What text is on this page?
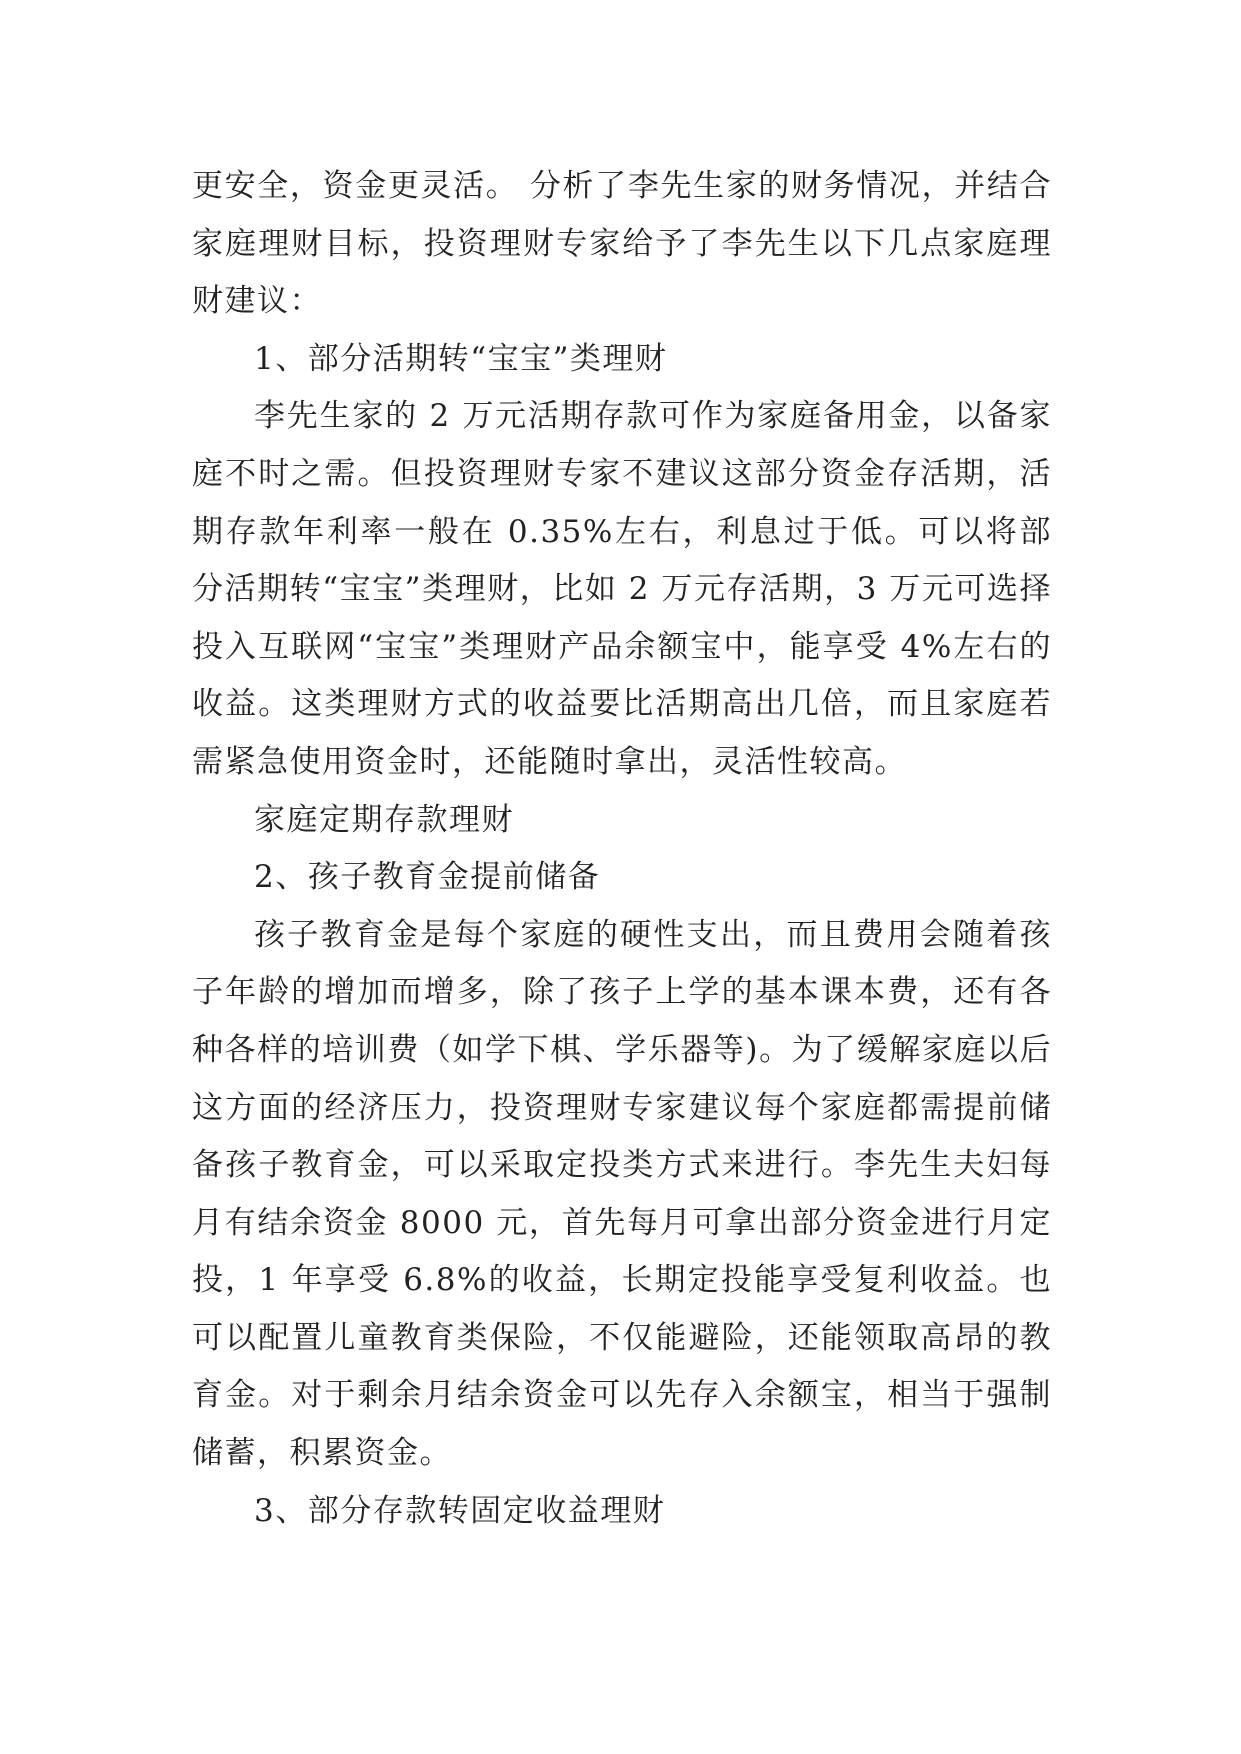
更安全，资金更灵活。 分析了李先生家的财务情况，并结合家庭理财目标，投资理财专家给予了李先生以下几点家庭理财建议：

1、部分活期转“宝宝”类理财

李先生家的 2 万元活期存款可作为家庭备用金，以备家庭不时之需。但投资理财专家不建议这部分资金存活期，活期存款年利率一般在 0.35%左右，利息过于低。可以将部分活期转“宝宝”类理财，比如 2 万元存活期，3 万元可选择投入互联网“宝宝”类理财产品余额宝中，能享受 4%左右的收益。这类理财方式的收益要比活期高出几倍，而且家庭若需紧急使用资金时，还能随时拿出，灵活性较高。

家庭定期存款理财

2、孩子教育金提前储备

孩子教育金是每个家庭的硬性支出，而且费用会随着孩子年龄的增加而增多，除了孩子上学的基本课本费，还有各种各样的培训费（如学下棋、学乐器等)。为了缓解家庭以后这方面的经济压力，投资理财专家建议每个家庭都需提前储备孩子教育金，可以采取定投类方式来进行。李先生夫妇每月有结余资金 8000 元，首先每月可拿出部分资金进行月定投，1 年享受 6.8%的收益，长期定投能享受复利收益。也可以配置儿童教育类保险，不仅能避险，还能领取高昂的教育金。对于剩余月结余资金可以先存入余额宝，相当于强制储蓄，积累资金。

3、部分存款转固定收益理财
